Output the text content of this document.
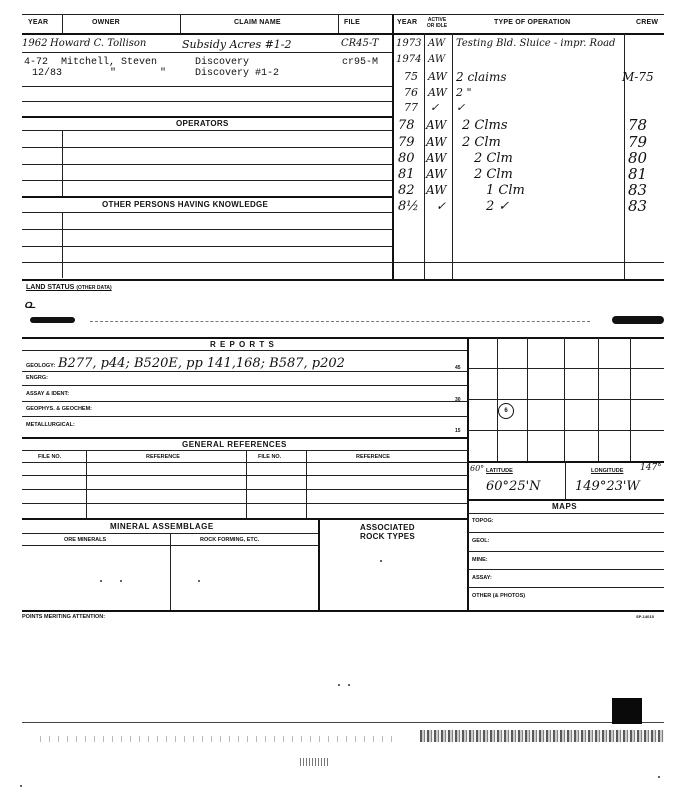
YEAR	OWNER	CLAIM NAME	FILE	YEAR	ACTIVE OR IDLE	TYPE OF OPERATION	CREW
1962 Howard C. Tollison	Subsidy Acres #1-2	CR45-T
4-72 Mitchell, Steven	Discovery	cr95-M
12/83	"	"	Discovery #1-2
OPERATORS
OTHER PERSONS HAVING KNOWLEDGE
1973 AW Testing Bld. Sluice - impr. Road
1974 AW
75 AW 2 claims	M-75
76 AW 2 "
77 ✓ ✓
78 AW 2 Clms	78
79 AW 2 Clm	79
80 AW 2 Clm	80
81 AW 2 Clm	81
82 AW	1 Clm	83
8½ ✓	2 ✓	83
LAND STATUS (OTHER DATA)
ᓇ
R E P O R T S
GEOLOGY: B277, p44; B520E, pp 141,168; B587, p202
ENGRG:
ASSAY & IDENT:
GEOPHYS. & GEOCHEM:
METALLURGICAL:
45
30
15
GENERAL REFERENCES
FILE NO.	REFERENCE	FILE NO.	REFERENCE
MINERAL ASSEMBLAGE	ASSOCIATED
ROCK TYPES
ORE MINERALS	ROCK FORMING, ETC.
6
60° LATITUDE	LONGITUDE 147°
60°25'N	149°23'W
MAPS
TOPOG:
GEOL:
MINE:
ASSAY:
OTHER (& PHOTOS)
POINTS MERITING ATTENTION:	SP-14015
